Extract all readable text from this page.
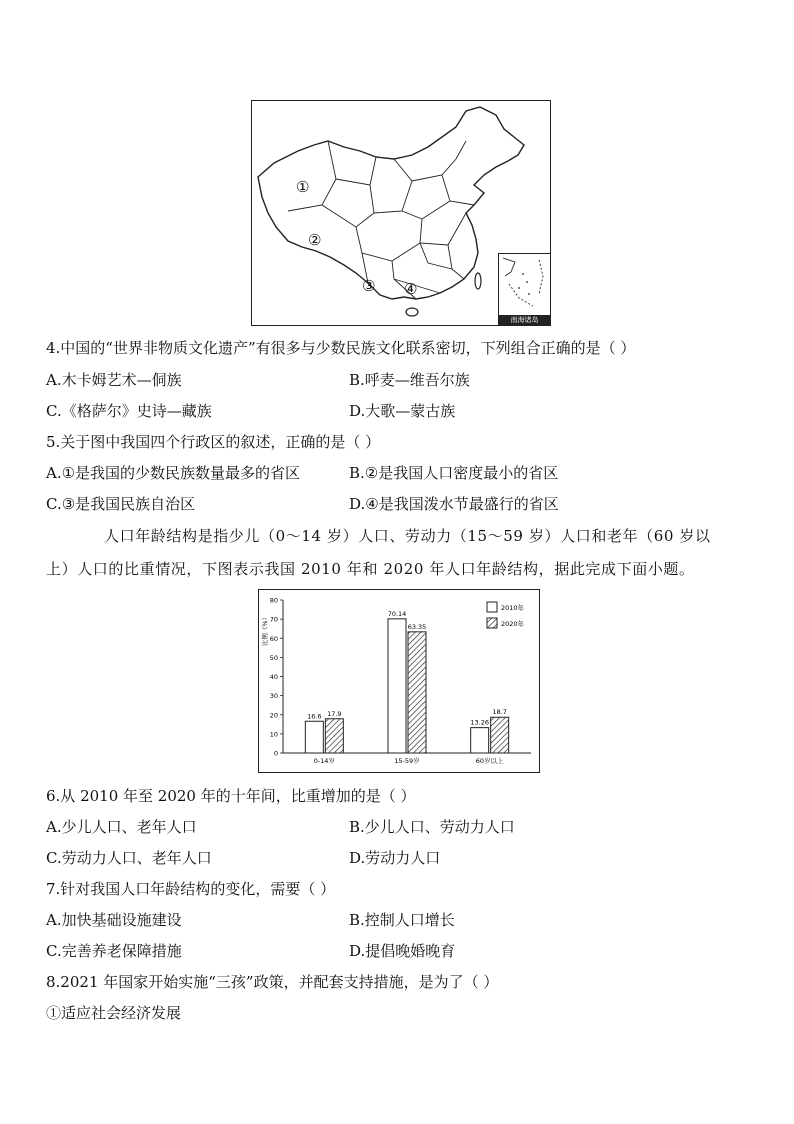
①
②
③ ④
南海诸岛
4.中国的“世界非物质文化遗产”有很多与少数民族文化联系密切，下列组合正确的是（ ）
A.木卡姆艺术—侗族	B.呼麦—维吾尔族
C.《格萨尔》史诗—藏族	D.大歌—蒙古族
5.关于图中我国四个行政区的叙述，正确的是（ ）
A.①是我国的少数民族数量最多的省区	B.②是我国人口密度最小的省区
C.③是我国民族自治区	D.④是我国泼水节最盛行的省区
人口年龄结构是指少儿（0～14 岁）人口、劳动力（15～59 岁）人口和老年（60 岁以
上）人口的比重情况，下图表示我国 2010 年和 2020 年人口年龄结构，据此完成下面小题。
0
10
20
30
40
50
60
70
80
比例（%）
16.6 17.9
0-14岁
70.14
63.35
15-59岁
13.26
18.7
60岁以上
2010年
2020年
6.从 2010 年至 2020 年的十年间，比重增加的是（ ）
A.少儿人口、老年人口	B.少儿人口、劳动力人口
C.劳动力人口、老年人口	D.劳动力人口
7.针对我国人口年龄结构的变化，需要（ ）
A.加快基础设施建设	B.控制人口增长
C.完善养老保障措施	D.提倡晚婚晚育
8.2021 年国家开始实施“三孩”政策，并配套支持措施，是为了（ ）
①适应社会经济发展
